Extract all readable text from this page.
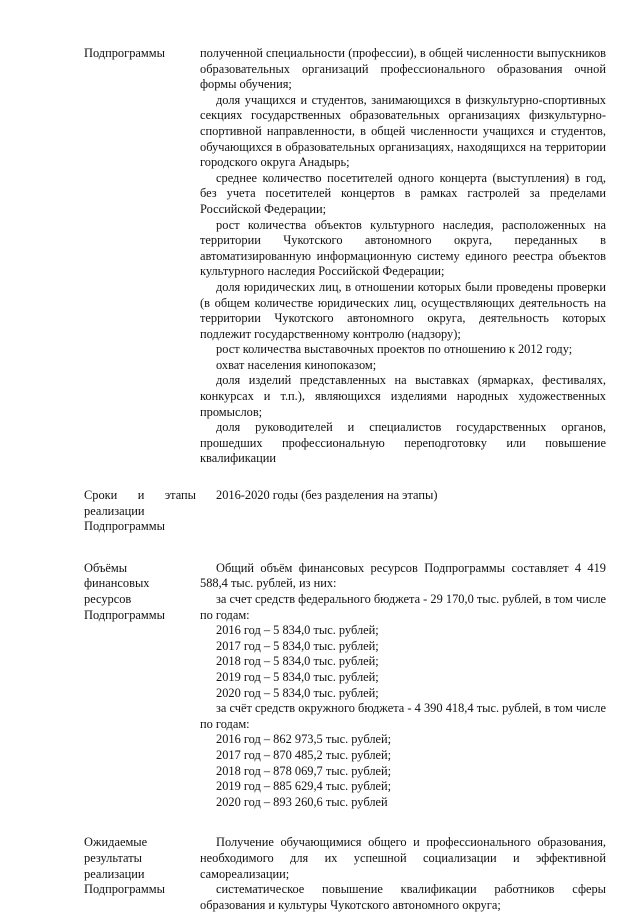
Подпрограммы	полученной специальности (профессии), в общей численности выпускников образовательных организаций профессионального образования очной формы обучения;

доля учащихся и студентов, занимающихся в физкультурно-спортивных секциях государственных образовательных организациях физкультурно-спортивной направленности, в общей численности учащихся и студентов, обучающихся в образовательных организациях, находящихся на территории городского округа Анадырь;

среднее количество посетителей одного концерта (выступления) в год, без учета посетителей концертов в рамках гастролей за пределами Российской Федерации;

рост количества объектов культурного наследия, расположенных на территории Чукотского автономного округа, переданных в автоматизированную информационную систему единого реестра объектов культурного наследия Российской Федерации;

доля юридических лиц, в отношении которых были проведены проверки (в общем количестве юридических лиц, осуществляющих деятельность на территории Чукотского автономного округа, деятельность которых подлежит государственному контролю (надзору);

рост количества выставочных проектов по отношению к 2012 году;

охват населения кинопоказом;

доля изделий представленных на выставках (ярмарках, фестивалях, конкурсах и т.п.), являющихся изделиями народных художественных промыслов;

доля руководителей и специалистов государственных органов, прошедших профессиональную переподготовку или повышение квалификации

Сроки и этапы
реализации
Подпрограммы

2016-2020 годы (без разделения на этапы)

Объёмы
финансовых
ресурсов
Подпрограммы

Общий объём финансовых ресурсов Подпрограммы составляет 4 419 588,4 тыс. рублей, из них:

за счет средств федерального бюджета - 29 170,0 тыс. рублей, в том числе по годам:

2016 год – 5 834,0 тыс. рублей;

2017 год – 5 834,0 тыс. рублей;

2018 год – 5 834,0 тыс. рублей;

2019 год – 5 834,0 тыс. рублей;

2020 год – 5 834,0 тыс. рублей;

за счёт средств окружного бюджета - 4 390 418,4 тыс. рублей, в том числе по годам:

2016 год – 862 973,5 тыс. рублей;

2017 год – 870 485,2 тыс. рублей;

2018 год – 878 069,7 тыс. рублей;

2019 год – 885 629,4 тыс. рублей;

2020 год – 893 260,6 тыс. рублей

Ожидаемые
результаты
реализации
Подпрограммы

Получение обучающимися общего и профессионального образования, необходимого для их успешной социализации и эффективной самореализации;

систематическое повышение квалификации работников сферы образования и культуры Чукотского автономного округа;
